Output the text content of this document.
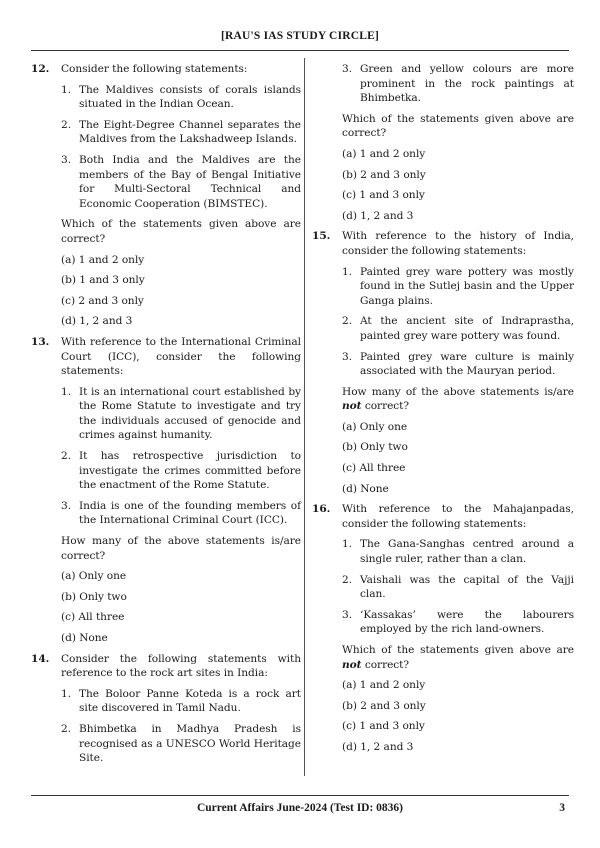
[RAU'S IAS STUDY CIRCLE]
12.	Consider the following statements:
1. The Maldives consists of corals islands situated in the Indian Ocean.
2. The Eight-Degree Channel separates the Maldives from the Lakshadweep Islands.
3. Both India and the Maldives are the members of the Bay of Bengal Initiative for Multi-Sectoral Technical and Economic Cooperation (BIMSTEC).
Which of the statements given above are correct?
(a) 1 and 2 only
(b) 1 and 3 only
(c) 2 and 3 only
(d) 1, 2 and 3
13.	With reference to the International Criminal Court (ICC), consider the following statements:
1. It is an international court established by the Rome Statute to investigate and try the individuals accused of genocide and crimes against humanity.
2. It has retrospective jurisdiction to investigate the crimes committed before the enactment of the Rome Statute.
3. India is one of the founding members of the International Criminal Court (ICC).
How many of the above statements is/are correct?
(a) Only one
(b) Only two
(c) All three
(d) None
14.	Consider the following statements with reference to the rock art sites in India:
1. The Boloor Panne Koteda is a rock art site discovered in Tamil Nadu.
2. Bhimbetka in Madhya Pradesh is recognised as a UNESCO World Heritage Site.
3. Green and yellow colours are more prominent in the rock paintings at Bhimbetka.
Which of the statements given above are correct?
(a) 1 and 2 only
(b) 2 and 3 only
(c) 1 and 3 only
(d) 1, 2 and 3
15.	With reference to the history of India, consider the following statements:
1. Painted grey ware pottery was mostly found in the Sutlej basin and the Upper Ganga plains.
2. At the ancient site of Indraprastha, painted grey ware pottery was found.
3. Painted grey ware culture is mainly associated with the Mauryan period.
How many of the above statements is/are not correct?
(a) Only one
(b) Only two
(c) All three
(d) None
16.	With reference to the Mahajanpadas, consider the following statements:
1. The Gana-Sanghas centred around a single ruler, rather than a clan.
2. Vaishali was the capital of the Vajji clan.
3. ‘Kassakas’ were the labourers employed by the rich land-owners.
Which of the statements given above are not correct?
(a) 1 and 2 only
(b) 2 and 3 only
(c) 1 and 3 only
(d) 1, 2 and 3
Current Affairs June-2024 (Test ID: 0836)	3
